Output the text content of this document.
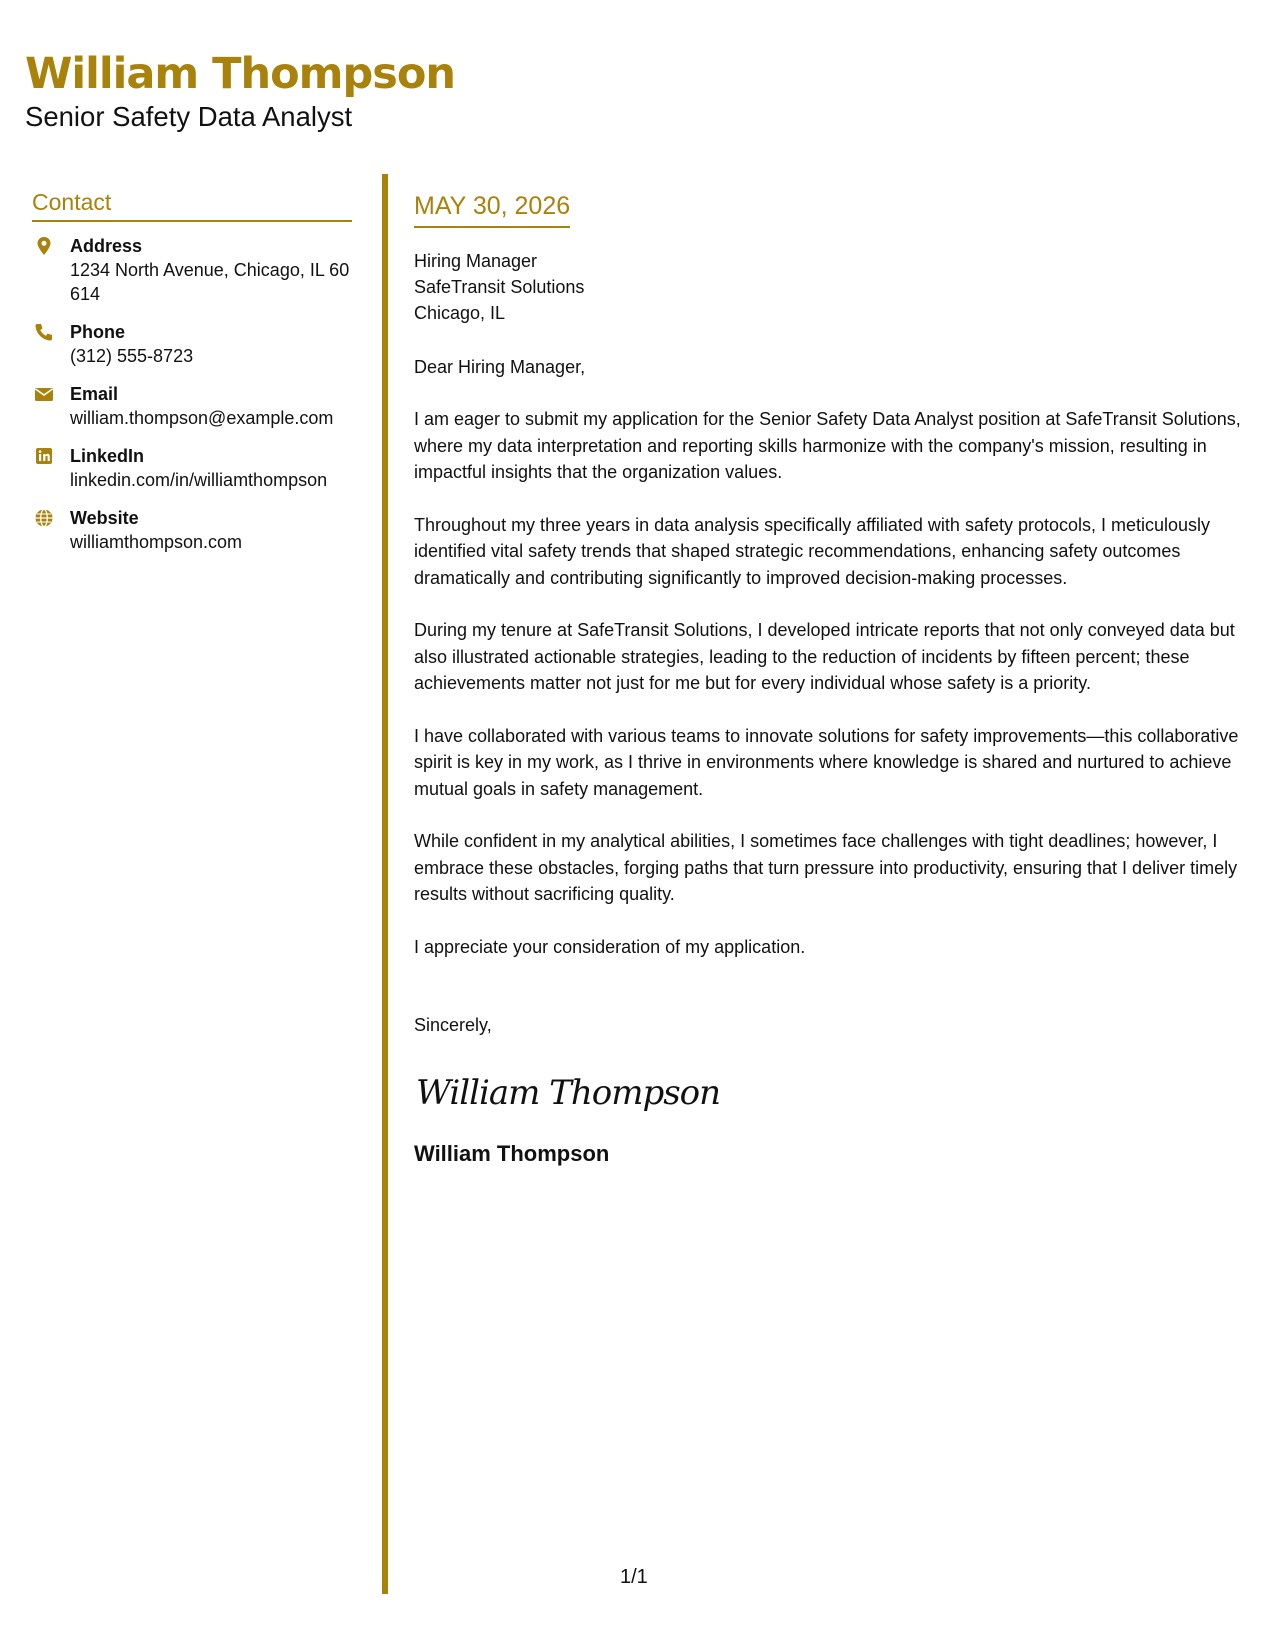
William Thompson
Senior Safety Data Analyst
Contact
Address
1234 North Avenue, Chicago, IL 60614
Phone
(312) 555-8723
Email
william.thompson@example.com
LinkedIn
linkedin.com/in/williamthompson
Website
williamthompson.com
MAY 30, 2026
Hiring Manager
SafeTransit Solutions
Chicago, IL
Dear Hiring Manager,
I am eager to submit my application for the Senior Safety Data Analyst position at SafeTransit Solutions, where my data interpretation and reporting skills harmonize with the company's mission, resulting in impactful insights that the organization values.
Throughout my three years in data analysis specifically affiliated with safety protocols, I meticulously identified vital safety trends that shaped strategic recommendations, enhancing safety outcomes dramatically and contributing significantly to improved decision-making processes.
During my tenure at SafeTransit Solutions, I developed intricate reports that not only conveyed data but also illustrated actionable strategies, leading to the reduction of incidents by fifteen percent; these achievements matter not just for me but for every individual whose safety is a priority.
I have collaborated with various teams to innovate solutions for safety improvements—this collaborative spirit is key in my work, as I thrive in environments where knowledge is shared and nurtured to achieve mutual goals in safety management.
While confident in my analytical abilities, I sometimes face challenges with tight deadlines; however, I embrace these obstacles, forging paths that turn pressure into productivity, ensuring that I deliver timely results without sacrificing quality.
I appreciate your consideration of my application.
Sincerely,
William Thompson
William Thompson
1/1
